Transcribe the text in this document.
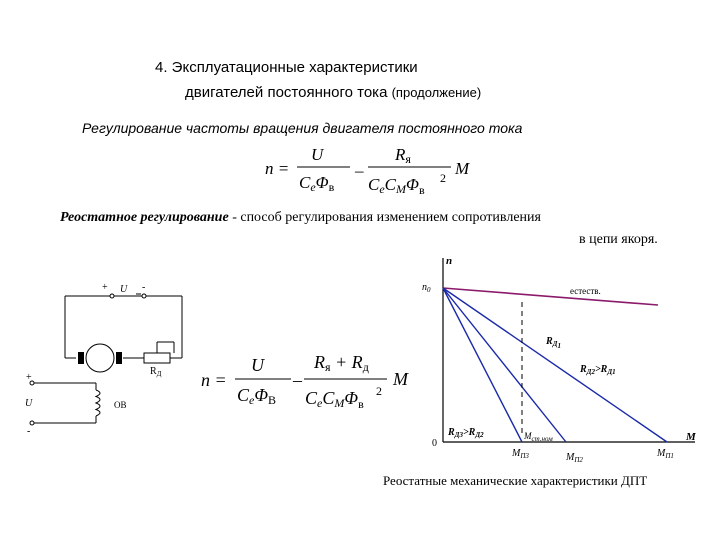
4. Эксплуатационные характеристики
двигателей постоянного тока (продолжение)
Регулирование частоты вращения двигателя постоянного тока
n =
U
CeΦв
–
Rя
CeCMΦ$_в$
2 M
Реостатное регулирование - способ регулирования изменением сопротивления
в цепи якоря.
+ U -
$R_Д$
+
U
-
ОВ
n =
U
CeΦВ
–
Rя + Rд
CeCMΦ$_в$
2
M
n
M
0
$n_0$	естеств.
$R_{Д1}$
$R_Д2>R_Д1$
$R_Д3>R_Д2$	$M_{ст.ном}$
$M_{П3}$	$M_{П2}$
$M_{П1}$
Реостатные механические характеристики ДПТ
